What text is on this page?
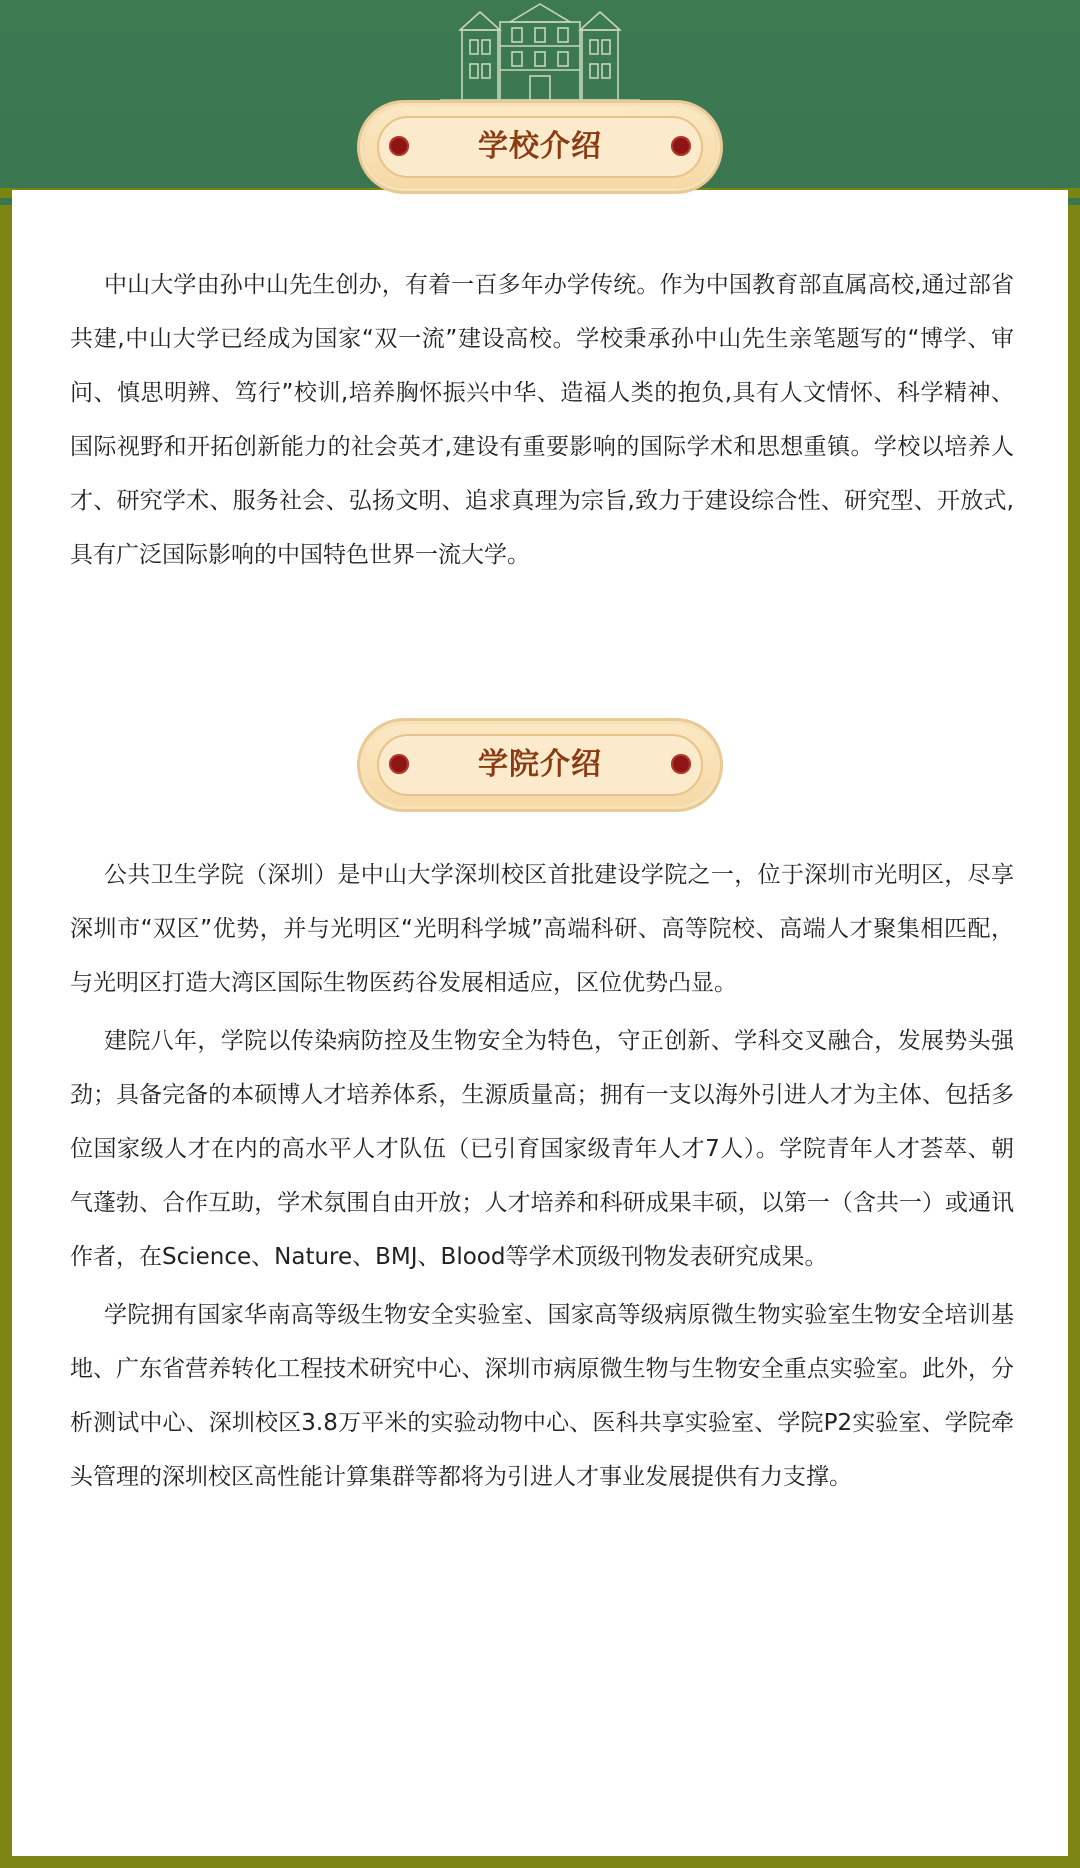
学校介绍

中山大学由孙中山先生创办，有着一百多年办学传统。作为中国教育部直属高校,通过部省共建,中山大学已经成为国家“双一流”建设高校。学校秉承孙中山先生亲笔题写的“博学、审问、慎思明辨、笃行”校训,培养胸怀振兴中华、造福人类的抱负,具有人文情怀、科学精神、国际视野和开拓创新能力的社会英才,建设有重要影响的国际学术和思想重镇。学校以培养人才、研究学术、服务社会、弘扬文明、追求真理为宗旨,致力于建设综合性、研究型、开放式,具有广泛国际影响的中国特色世界一流大学。

学院介绍

公共卫生学院（深圳）是中山大学深圳校区首批建设学院之一，位于深圳市光明区，尽享深圳市“双区”优势，并与光明区“光明科学城”高端科研、高等院校、高端人才聚集相匹配，与光明区打造大湾区国际生物医药谷发展相适应，区位优势凸显。

建院八年，学院以传染病防控及生物安全为特色，守正创新、学科交叉融合，发展势头强劲；具备完备的本硕博人才培养体系，生源质量高；拥有一支以海外引进人才为主体、包括多位国家级人才在内的高水平人才队伍（已引育国家级青年人才7人）。学院青年人才荟萃、朝气蓬勃、合作互助，学术氛围自由开放；人才培养和科研成果丰硕，以第一（含共一）或通讯作者，在Science、Nature、BMJ、Blood等学术顶级刊物发表研究成果。

学院拥有国家华南高等级生物安全实验室、国家高等级病原微生物实验室生物安全培训基地、广东省营养转化工程技术研究中心、深圳市病原微生物与生物安全重点实验室。此外，分析测试中心、深圳校区3.8万平米的实验动物中心、医科共享实验室、学院P2实验室、学院牵头管理的深圳校区高性能计算集群等都将为引进人才事业发展提供有力支撑。
